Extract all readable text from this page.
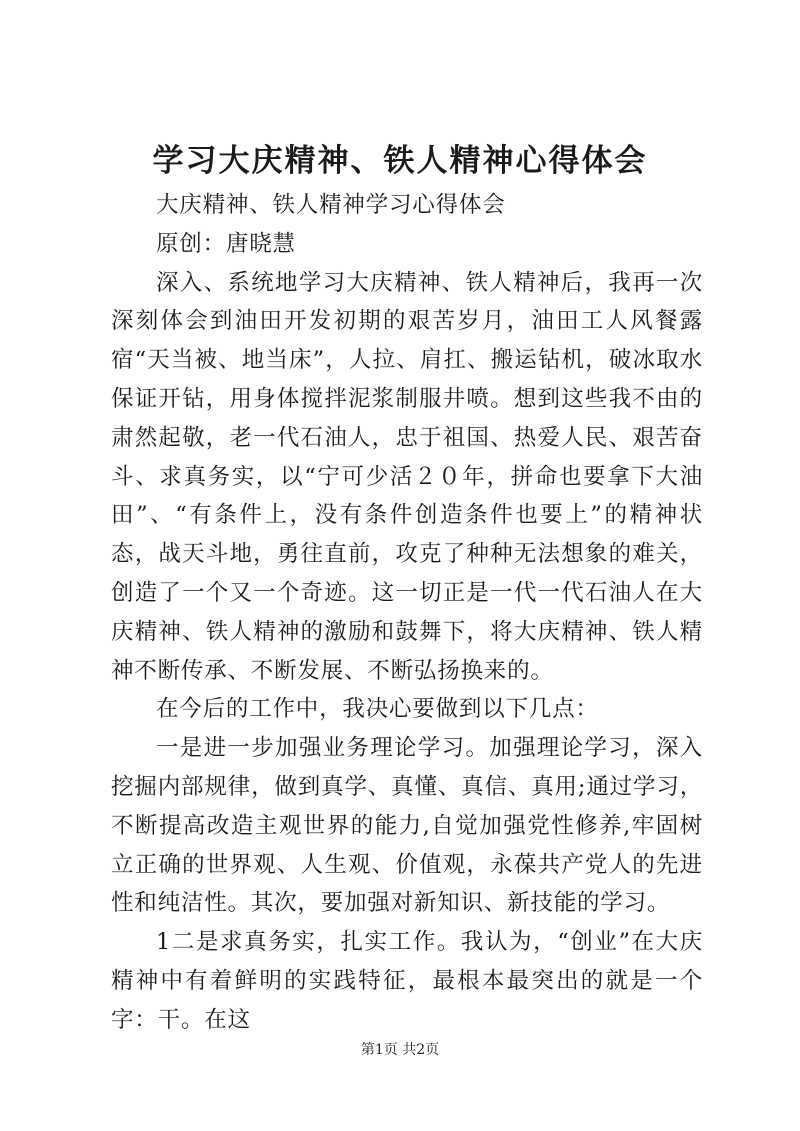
学习大庆精神、铁人精神心得体会

大庆精神、铁人精神学习心得体会

原创：唐晓慧

深入、系统地学习大庆精神、铁人精神后，我再一次深刻体会到油田开发初期的艰苦岁月，油田工人风餐露宿“天当被、地当床”，人拉、肩扛、搬运钻机，破冰取水保证开钻，用身体搅拌泥浆制服井喷。想到这些我不由的肃然起敬，老一代石油人，忠于祖国、热爱人民、艰苦奋斗、求真务实，以“宁可少活２０年，拼命也要拿下大油田”、“有条件上，没有条件创造条件也要上”的精神状态，战天斗地，勇往直前，攻克了种种无法想象的难关，创造了一个又一个奇迹。这一切正是一代一代石油人在大庆精神、铁人精神的激励和鼓舞下，将大庆精神、铁人精神不断传承、不断发展、不断弘扬换来的。

在今后的工作中，我决心要做到以下几点：

一是进一步加强业务理论学习。加强理论学习，深入挖掘内部规律，做到真学、真懂、真信、真用;通过学习，不断提高改造主观世界的能力,自觉加强党性修养,牢固树立正确的世界观、人生观、价值观，永葆共产党人的先进性和纯洁性。其次，要加强对新知识、新技能的学习。

1二是求真务实，扎实工作。我认为，“创业”在大庆精神中有着鲜明的实践特征，最根本最突出的就是一个字：干。在这

第1页 共2页
